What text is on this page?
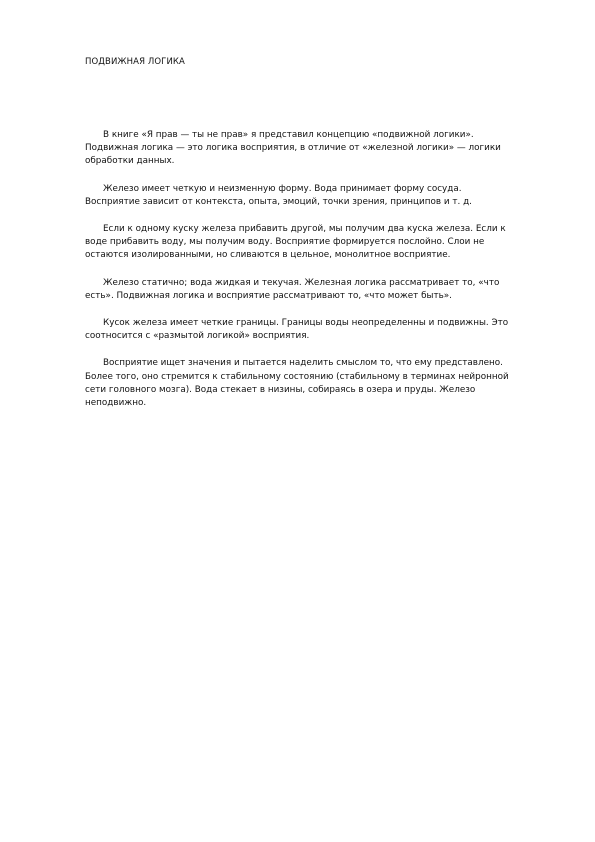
ПОДВИЖНАЯ ЛОГИКА

В книге «Я прав — ты не прав» я представил концепцию «подвижной логики». Подвижная логика — это логика восприятия, в отличие от «железной логики» — логики обработки данных.

Железо имеет четкую и неизменную форму. Вода принимает форму сосуда. Восприятие зависит от контекста, опыта, эмоций, точки зрения, принципов и т. д.

Если к одному куску железа прибавить другой, мы получим два куска железа. Если к воде прибавить воду, мы получим воду. Восприятие формируется послойно. Слои не остаются изолированными, но сливаются в цельное, монолитное восприятие.

Железо статично; вода жидкая и текучая. Железная логика рассматривает то, «что есть». Подвижная логика и восприятие рассматривают то, «что может быть».

Кусок железа имеет четкие границы. Границы воды неопределенны и подвижны. Это соотносится с «размытой логикой» восприятия.

Восприятие ищет значения и пытается наделить смыслом то, что ему представлено. Более того, оно стремится к стабильному состоянию (стабильному в терминах нейронной сети головного мозга). Вода стекает в низины, собираясь в озера и пруды. Железо неподвижно.
